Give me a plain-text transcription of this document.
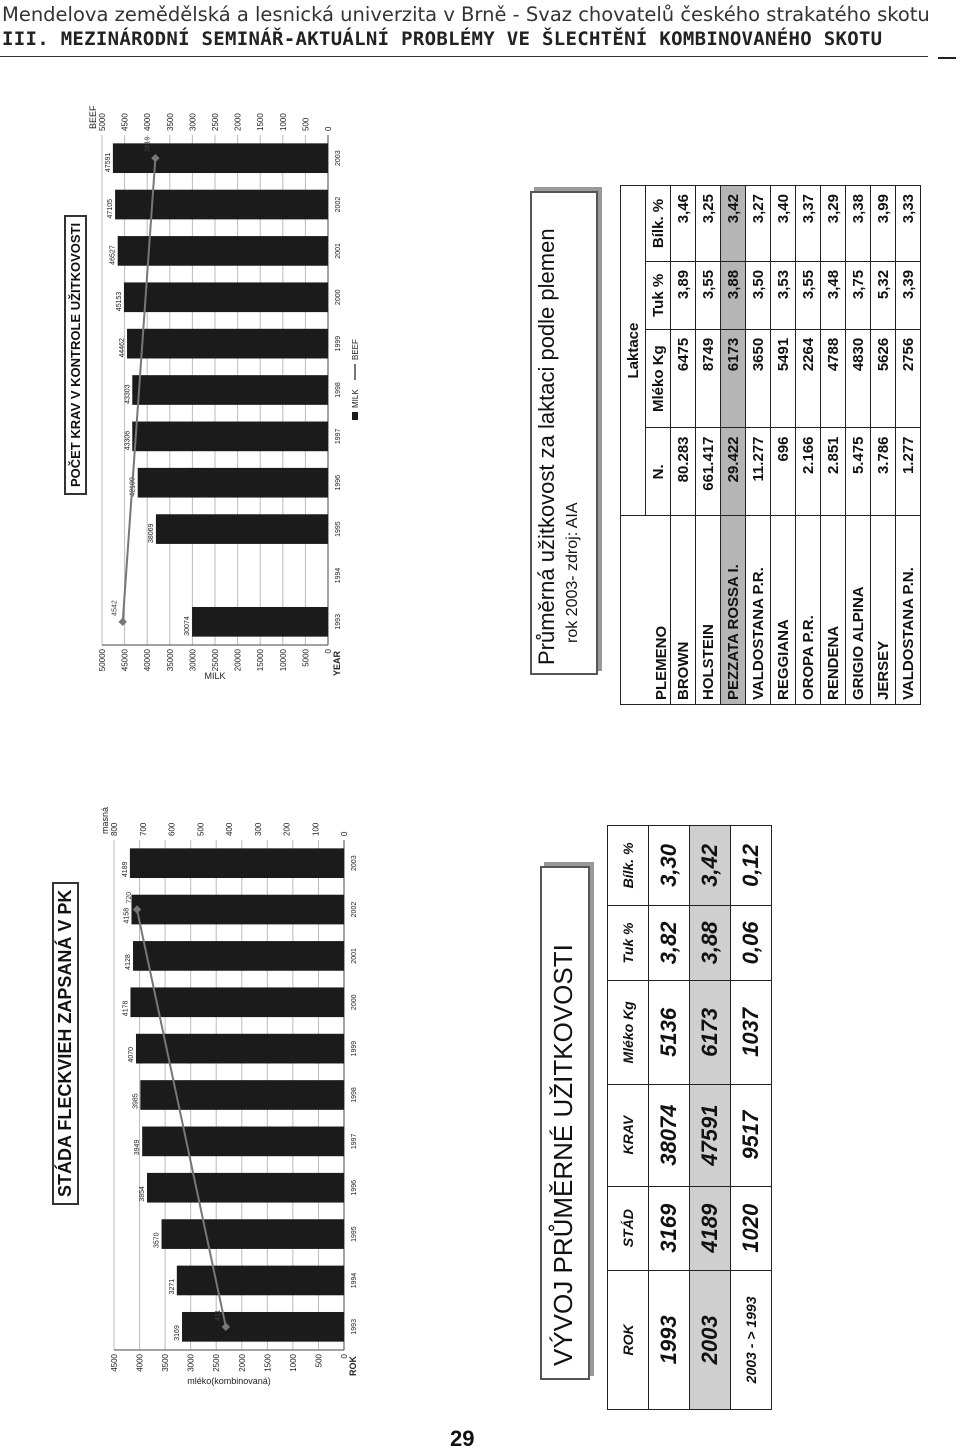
Mendelova zemědělská a lesnická univerzita v Brně - Svaz chovatelů českého strakatého skotu
III. MEZINÁRODNÍ SEMINÁŘ-AKTUÁLNÍ PROBLÉMY VE ŠLECHTĚNÍ KOMBINOVANÉHO SKOTU
POČET KRAV V KONTROLE UŽITKOVOSTI
0
5000
10000
15000
20000
25000
30000
35000
40000
45000
50000
0
500
1000
1500
2000
2500
3000
3500
4000
4500
5000
30074	1993
1994
38069	1995
42100	1996
43306	1997
43303	1998
44462	1999
45153	2000
46527	2001
47105	2002
47591	2003
4542
3819
YEAR
MILK
BEEF
MILK
BEEF	Průměrná užitkovost za laktaci podle plemen rok 2003- zdroj: AIA
PLEMENO	Laktace			
	N.	Mléko Kg	Tuk %	Bílk. %
BROWN	80.283	6475	3,89	3,46
HOLSTEIN	661.417	8749	3,55	3,25
PEZZATA ROSSA I.	29.422	6173	3,88	3,42
VALDOSTANA P.R.	11.277	3650	3,50	3,27
REGGIANA	696	5491	3,53	3,40
OROPA P.R.	2.166	2264	3,55	3,37
RENDENA	2.851	4788	3,48	3,29
GRIGIO ALPINA	5.475	4830	3,75	3,38
JERSEY	3.786	5626	5,32	3,99
VALDOSTANA P.N.	1.277	2756	3,39	3,33
STÁDA FLECKVIEH ZAPSANÁ V PK
0
500
1000
1500
2000
2500
3000
3500
4000
4500
0
100
200
300
400
500
600
700
800
3169	1993
3271	1994
3570	1995
3854	1996
3949	1997
3985	1998
4070	1999
4178	2000
4128	2001
4158	2002
4189	2003
411
720
ROK
mléko(kombinovaná)
masná
VÝVOJ PRŮMĚRNÉ UŽITKOVOSTI	ROK	STÁD	KRAV	Mléko Kg	Tuk %	Bílk. %
1993	3169	38074	5136	3,82	3,30
2003	4189	47591	6173	3,88	3,42
2003 - > 1993	1020	9517	1037	0,06	0,12
29
